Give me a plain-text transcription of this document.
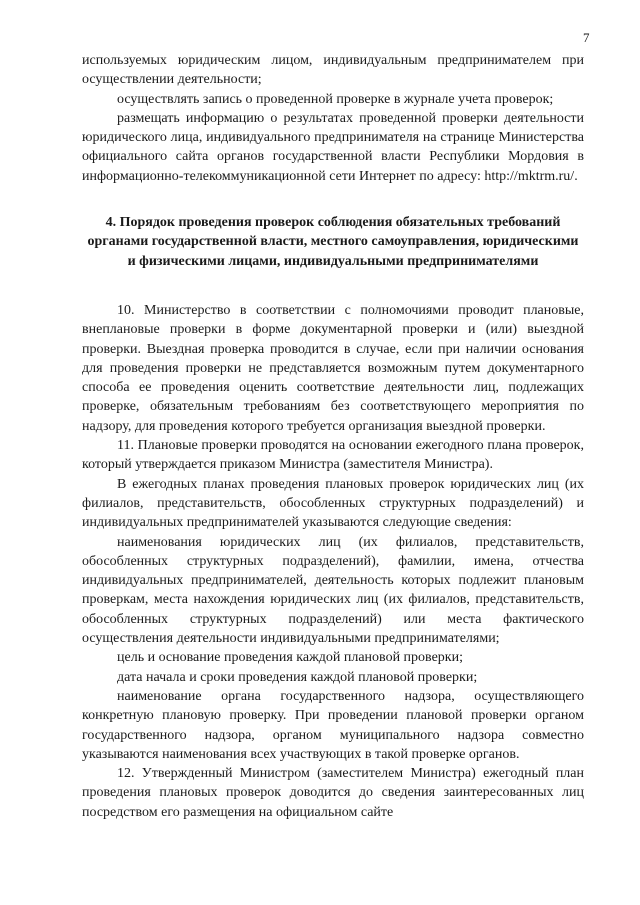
7

используемых юридическим лицом, индивидуальным предпринимателем при осуществлении деятельности;

осуществлять запись о проведенной проверке в журнале учета проверок;

размещать информацию о результатах проведенной проверки деятельности юридического лица, индивидуального предпринимателя на странице Министерства официального сайта органов государственной власти Республики Мордовия в информационно-телекоммуникационной сети Интернет по адресу: http://mktrm.ru/.

4. Порядок проведения проверок соблюдения обязательных требований органами государственной власти, местного самоуправления, юридическими и физическими лицами, индивидуальными предпринимателями

10. Министерство в соответствии с полномочиями проводит плановые, внеплановые проверки в форме документарной проверки и (или) выездной проверки. Выездная проверка проводится в случае, если при наличии основания для проведения проверки не представляется возможным путем документарного способа ее проведения оценить соответствие деятельности лиц, подлежащих проверке, обязательным требованиям без соответствующего мероприятия по надзору, для проведения которого требуется организация выездной проверки.

11. Плановые проверки проводятся на основании ежегодного плана проверок, который утверждается приказом Министра (заместителя Министра).

В ежегодных планах проведения плановых проверок юридических лиц (их филиалов, представительств, обособленных структурных подразделений) и индивидуальных предпринимателей указываются следующие сведения:

наименования юридических лиц (их филиалов, представительств, обособленных структурных подразделений), фамилии, имена, отчества индивидуальных предпринимателей, деятельность которых подлежит плановым проверкам, места нахождения юридических лиц (их филиалов, представительств, обособленных структурных подразделений) или места фактического осуществления деятельности индивидуальными предпринимателями;

цель и основание проведения каждой плановой проверки;

дата начала и сроки проведения каждой плановой проверки;

наименование органа государственного надзора, осуществляющего конкретную плановую проверку. При проведении плановой проверки органом государственного надзора, органом муниципального надзора совместно указываются наименования всех участвующих в такой проверке органов.

12. Утвержденный Министром (заместителем Министра) ежегодный план проведения плановых проверок доводится до сведения заинтересованных лиц посредством его размещения на официальном сайте
